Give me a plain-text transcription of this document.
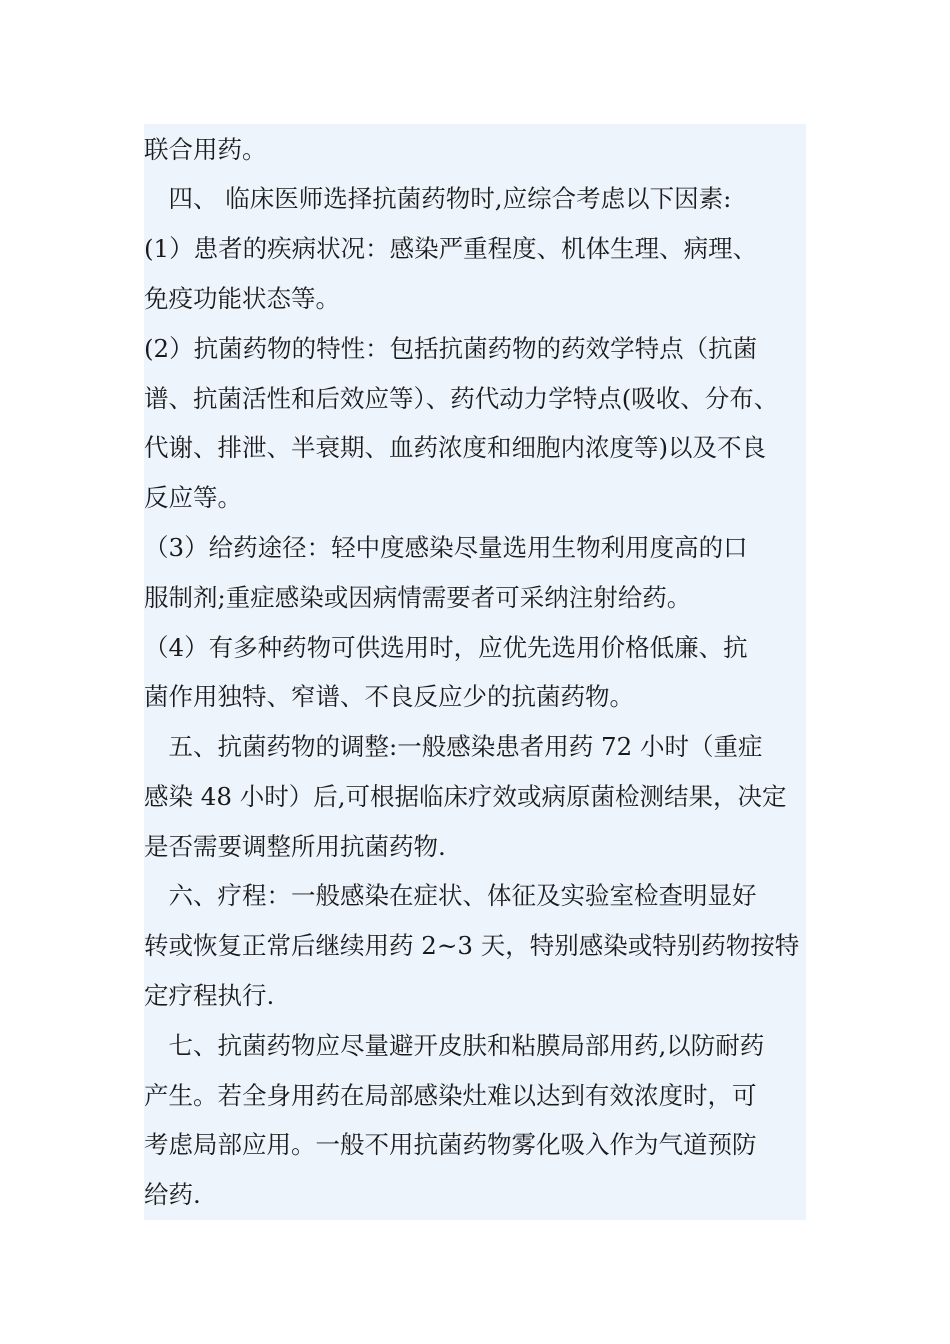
联合用药。
　四、 临床医师选择抗菌药物时,应综合考虑以下因素:
(1）患者的疾病状况：感染严重程度、机体生理、病理、
免疫功能状态等。
(2）抗菌药物的特性：包括抗菌药物的药效学特点（抗菌
谱、抗菌活性和后效应等）、药代动力学特点(吸收、分布、
代谢、排泄、半衰期、血药浓度和细胞内浓度等)以及不良
反应等。
（3）给药途径：轻中度感染尽量选用生物利用度高的口
服制剂;重症感染或因病情需要者可采纳注射给药。
（4）有多种药物可供选用时，应优先选用价格低廉、抗
菌作用独特、窄谱、不良反应少的抗菌药物。
　五、抗菌药物的调整:一般感染患者用药 72 小时（重症
感染 48 小时）后,可根据临床疗效或病原菌检测结果，决定
是否需要调整所用抗菌药物.
　六、疗程：一般感染在症状、体征及实验室检查明显好
转或恢复正常后继续用药 2~3 天，特别感染或特别药物按特
定疗程执行.
　七、抗菌药物应尽量避开皮肤和粘膜局部用药,以防耐药
产生。若全身用药在局部感染灶难以达到有效浓度时，可
考虑局部应用。一般不用抗菌药物雾化吸入作为气道预防
给药.
